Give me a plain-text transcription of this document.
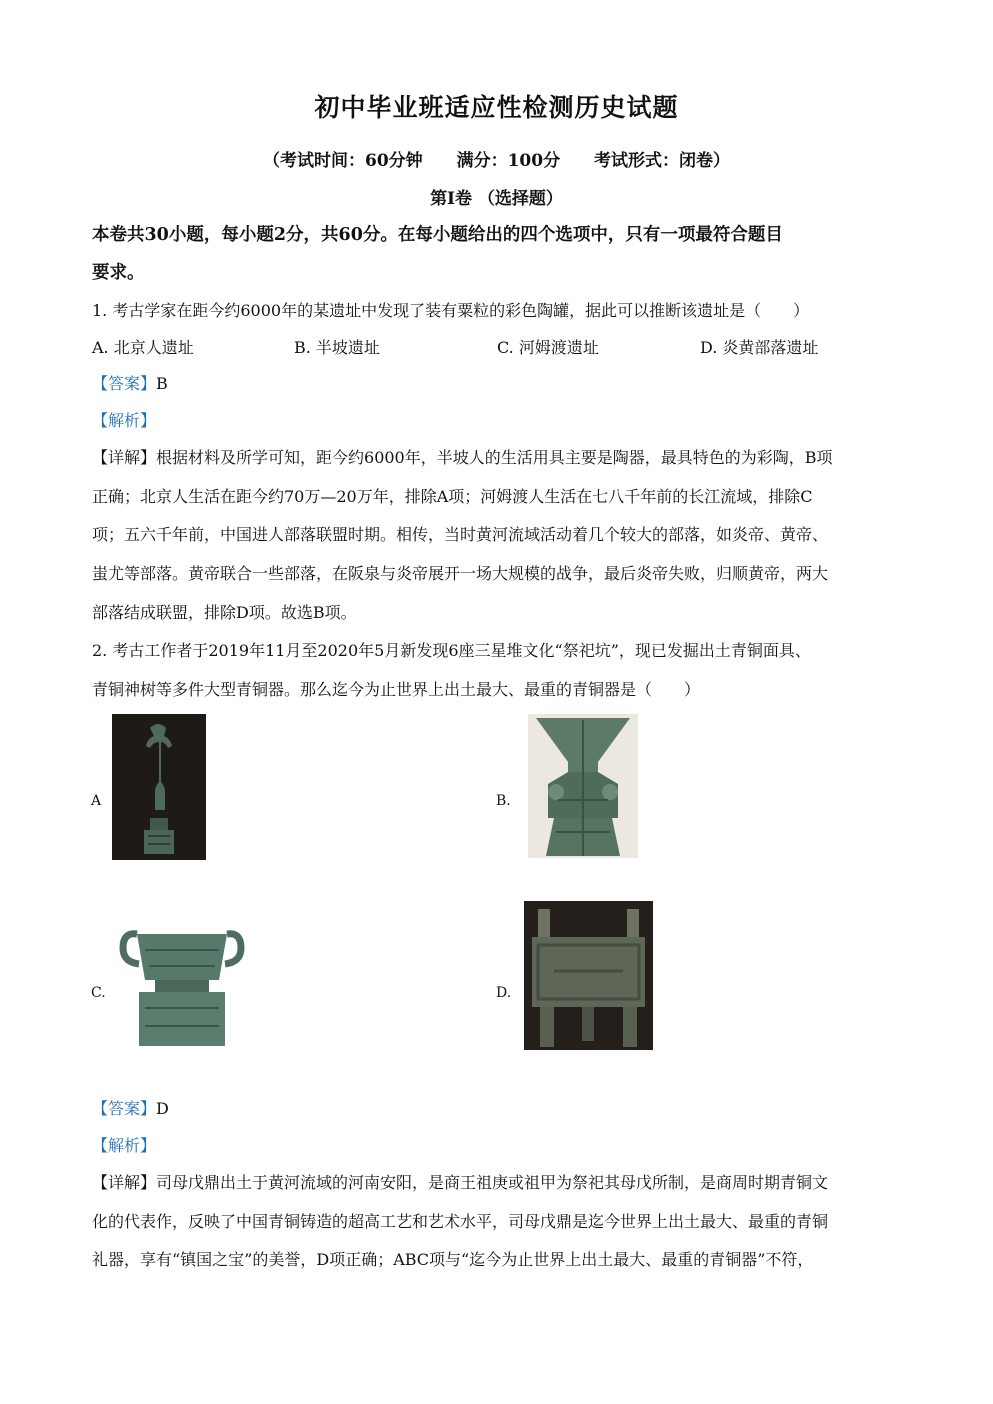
初中毕业班适应性检测历史试题
（考试时间：60分钟 满分：100分 考试形式：闭卷）
第Ⅰ卷 （选择题）
本卷共30小题，每小题2分，共60分。在每小题给出的四个选项中，只有一项最符合题目
要求。
1. 考古学家在距今约6000年的某遗址中发现了装有粟粒的彩色陶罐，据此可以推断该遗址是（　　）
A. 北京人遗址	B. 半坡遗址	C. 河姆渡遗址	D. 炎黄部落遗址
【答案】B
【解析】
【详解】根据材料及所学可知，距今约6000年，半坡人的生活用具主要是陶器，最具特色的为彩陶，B项
正确；北京人生活在距今约70万—20万年，排除A项；河姆渡人生活在七八千年前的长江流域，排除C
项；五六千年前，中国进人部落联盟时期。相传，当时黄河流域活动着几个较大的部落，如炎帝、黄帝、
蚩尤等部落。黄帝联合一些部落，在阪泉与炎帝展开一场大规模的战争，最后炎帝失败，归顺黄帝，两大
部落结成联盟，排除D项。故选B项。
2. 考古工作者于2019年11月至2020年5月新发现6座三星堆文化“祭祀坑”，现已发掘出土青铜面具、
青铜神树等多件大型青铜器。那么迄今为止世界上出土最大、最重的青铜器是（　　）
A	B.
C.	D.
【答案】D
【解析】
【详解】司母戊鼎出土于黄河流域的河南安阳，是商王祖庚或祖甲为祭祀其母戊所制，是商周时期青铜文
化的代表作，反映了中国青铜铸造的超高工艺和艺术水平，司母戊鼎是迄今世界上出土最大、最重的青铜
礼器，享有“镇国之宝”的美誉，D项正确；ABC项与“迄今为止世界上出土最大、最重的青铜器”不符，
